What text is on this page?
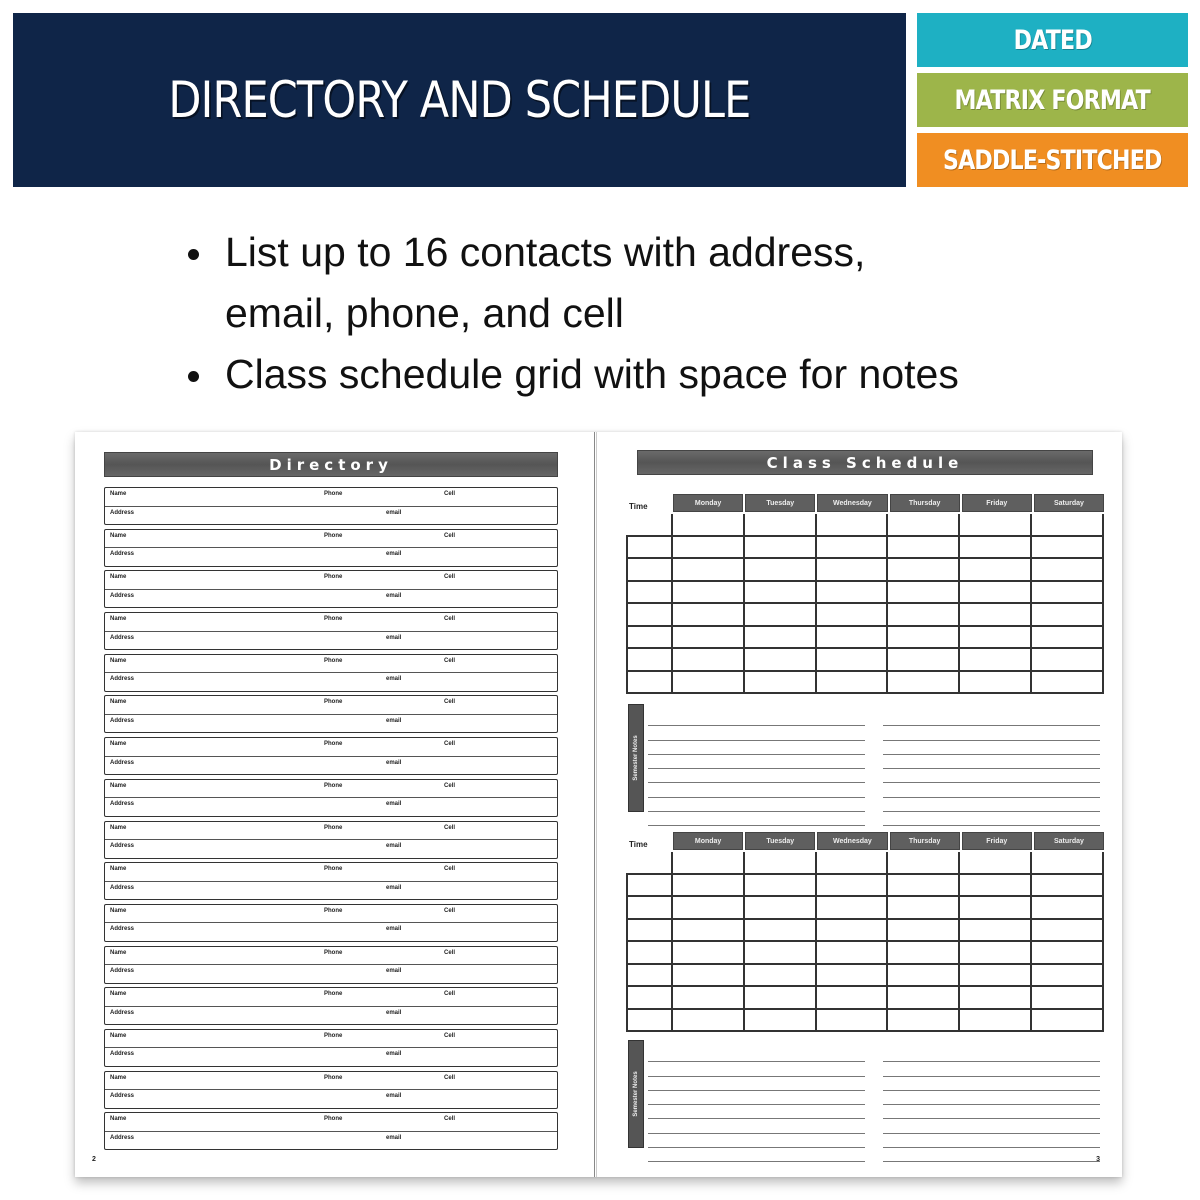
DIRECTORY AND SCHEDULE
DATED
MATRIX FORMAT
SADDLE-STITCHED
List up to 16 contacts with address, email, phone, and cell
Class schedule grid with space for notes
Directory
Name	Phone	Cell
Address	email
Name	Phone	Cell
Address	email
Name	Phone	Cell
Address	email
Name	Phone	Cell
Address	email
Name	Phone	Cell
Address	email
Name	Phone	Cell
Address	email
Name	Phone	Cell
Address	email
Name	Phone	Cell
Address	email
Name	Phone	Cell
Address	email
Name	Phone	Cell
Address	email
Name	Phone	Cell
Address	email
Name	Phone	Cell
Address	email
Name	Phone	Cell
Address	email
Name	Phone	Cell
Address	email
Name	Phone	Cell
Address	email
Name	Phone	Cell
Address	email
2
Class Schedule
Time	Monday	Tuesday	Wednesday	Thursday	Friday	Saturday
Semester Notes
Time	Monday	Tuesday	Wednesday	Thursday	Friday	Saturday
Semester Notes
3
